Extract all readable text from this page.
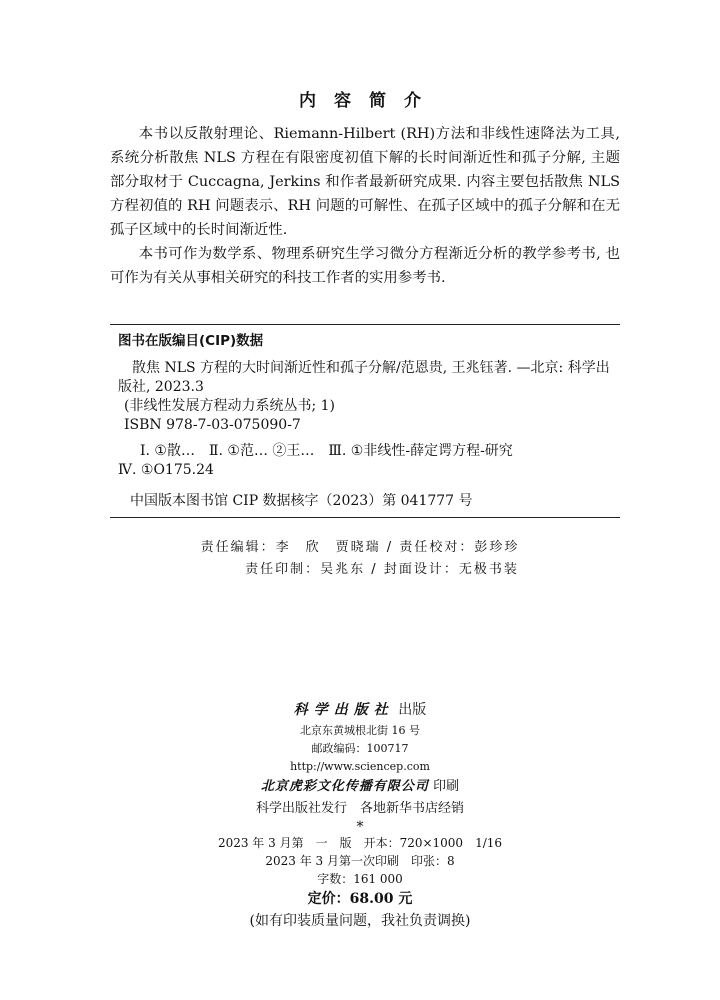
内容简介

本书以反散射理论、Riemann-Hilbert (RH)方法和非线性速降法为工具, 系统分析散焦 NLS 方程在有限密度初值下解的长时间渐近性和孤子分解, 主题部分取材于 Cuccagna, Jerkins 和作者最新研究成果. 内容主要包括散焦 NLS 方程初值的 RH 问题表示、RH 问题的可解性、在孤子区域中的孤子分解和在无孤子区域中的长时间渐近性.

本书可作为数学系、物理系研究生学习微分方程渐近分析的教学参考书, 也可作为有关从事相关研究的科技工作者的实用参考书.

图书在版编目(CIP)数据
散焦 NLS 方程的大时间渐近性和孤子分解/范恩贵, 王兆钰著. —北京: 科学出版社, 2023.3
(非线性发展方程动力系统丛书; 1)
ISBN 978-7-03-075090-7
Ⅰ. ①散…　Ⅱ. ①范… ②王…　Ⅲ. ①非线性-薛定谔方程-研究
Ⅳ. ①O175.24
中国版本图书馆 CIP 数据核字（2023）第 041777 号
责任编辑：李　欣　贾晓瑞 / 责任校对：彭珍珍
责任印制：吴兆东 / 封面设计：无极书装
科学出版社 出版
北京东黄城根北街 16 号
邮政编码：100717
http://www.sciencep.com
北京虎彩文化传播有限公司 印刷
科学出版社发行　各地新华书店经销
*
2023 年 3 月第　一　版　开本：720×1000　1/16
2023 年 3 月第一次印刷　印张：8
字数：161 000
定价：68.00 元
(如有印装质量问题，我社负责调换)
